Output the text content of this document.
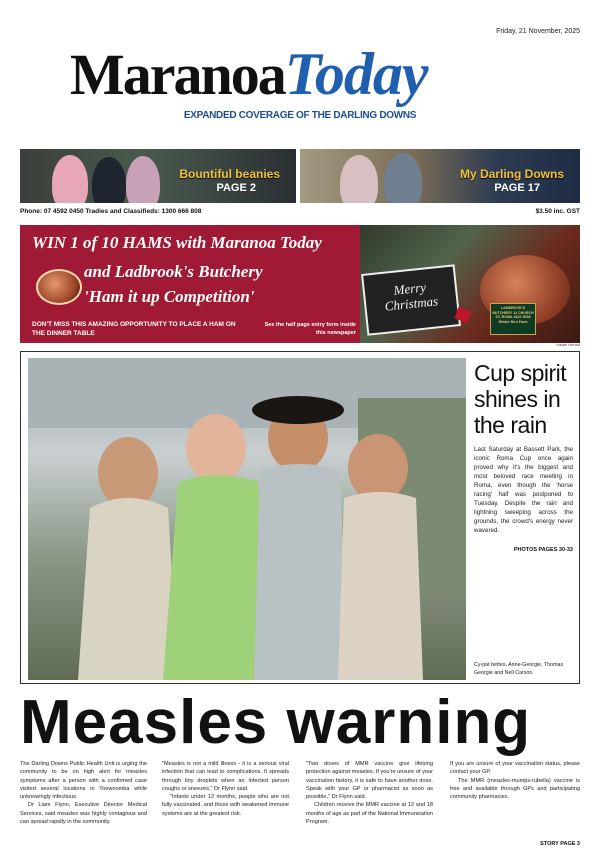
Friday, 21 November, 2025
MaranoaToday
EXPANDED COVERAGE OF THE DARLING DOWNS
Bountiful beanies
PAGE 2
My Darling Downs
PAGE 17
Phone: 07 4592 0450 Tradies and Classifieds: 1300 666 808	$3.50 inc. GST
WIN 1 of 10 HAMS with Maranoa Today
and Ladbrook's Butchery
'Ham it up Competition'
DON'T MISS THIS AMAZING OPPORTUNITY TO PLACE A HAM ON THE DINNER TABLE
See the half page entry form inside this newspaper
Merry Christmas	LADBROOK'S BUTCHERY 12 CHURCH ST, ROMA 4622 3698 Winter Bird Farm
Inside Herald
Cup spirit shines in the rain
Last Saturday at Bassett Park, the iconic Roma Cup once again proved why it's the biggest and most beloved race meeting in Roma, even though the 'horse racing' half was postponed to Tuesday. Despite the rain and lightning sweeping across the grounds, the crowd's energy never wavered.
PHOTOS PAGES 30-33
Cy-pat bettes, Anne-Georgie, Thomas Georgie and Nell Carson.
Measles warning

The Darling Downs Public Health Unit is urging the community to be on high alert for measles symptoms after a person with a confirmed case visited several locations in Toowoomba while unknowingly infectious.

Dr Liam Flynn, Executive Director Medical Services, said measles was highly contagious and can spread rapidly in the community.

"Measles is not a mild illness - it is a serious viral infection that can lead to complications. It spreads through tiny droplets when an infected person coughs or sneezes," Dr Flynn said.

"Infants under 12 months, people who are not fully vaccinated, and those with weakened immune systems are at the greatest risk.

"Two doses of MMR vaccine give lifelong protection against measles. If you're unsure of your vaccination history, it is safe to have another dose. Speak with your GP or pharmacist as soon as possible," Dr Flynn said.

Children receive the MMR vaccine at 12 and 18 months of age as part of the National Immunisation Program.

If you are unsure of your vaccination status, please contact your GP.

The MMR (measles-mumps-rubella) vaccine is free and available through GPs and participating community pharmacies.

STORY PAGE 3
